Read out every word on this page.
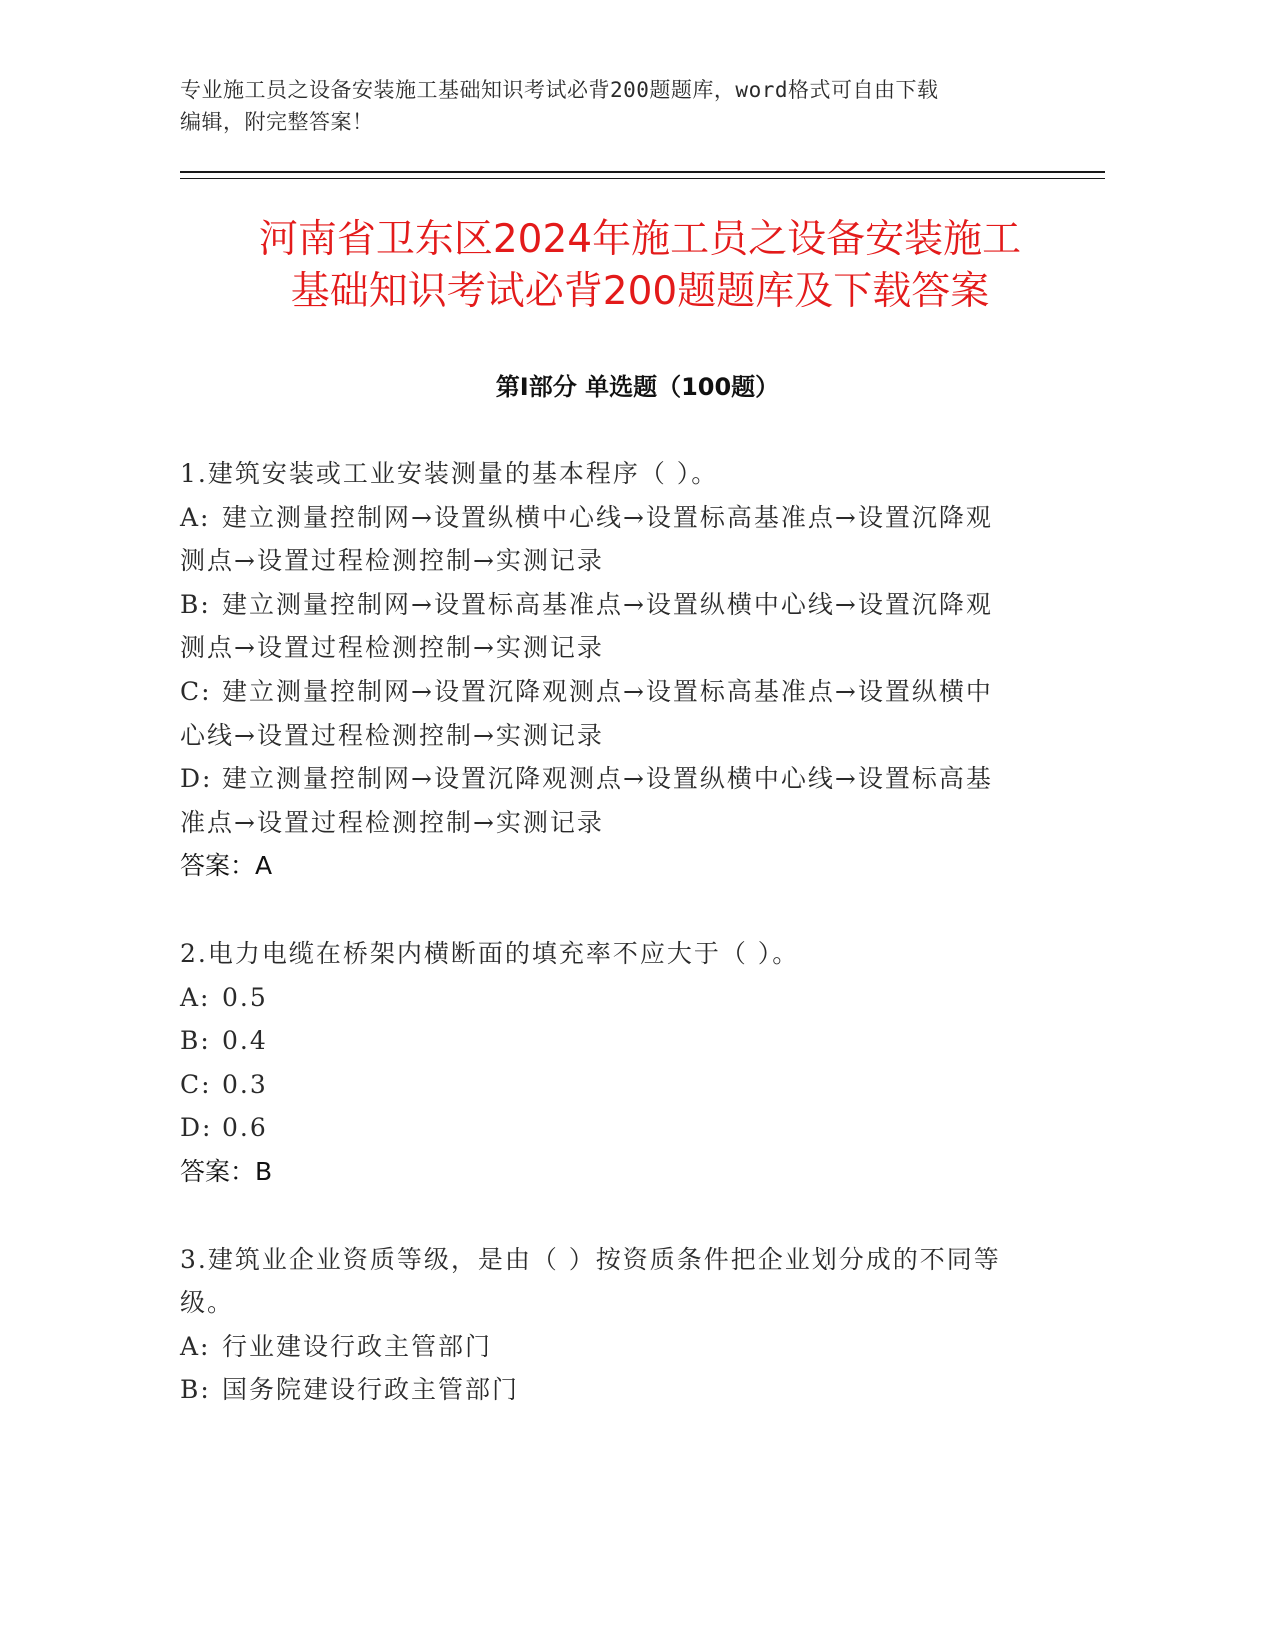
专业施工员之设备安装施工基础知识考试必背200题题库，word格式可自由下载
编辑，附完整答案！
河南省卫东区2024年施工员之设备安装施工
基础知识考试必背200题题库及下载答案
第Ⅰ部分 单选题（100题）

1.建筑安装或工业安装测量的基本程序（ ）。

A: 建立测量控制网→设置纵横中心线→设置标高基准点→设置沉降观

测点→设置过程检测控制→实测记录

B: 建立测量控制网→设置标高基准点→设置纵横中心线→设置沉降观

测点→设置过程检测控制→实测记录

C: 建立测量控制网→设置沉降观测点→设置标高基准点→设置纵横中

心线→设置过程检测控制→实测记录

D: 建立测量控制网→设置沉降观测点→设置纵横中心线→设置标高基

准点→设置过程检测控制→实测记录

答案：A

2.电力电缆在桥架内横断面的填充率不应大于（ ）。

A: 0.5

B: 0.4

C: 0.3

D: 0.6

答案：B

3.建筑业企业资质等级，是由（ ）按资质条件把企业划分成的不同等

级。

A: 行业建设行政主管部门

B: 国务院建设行政主管部门
